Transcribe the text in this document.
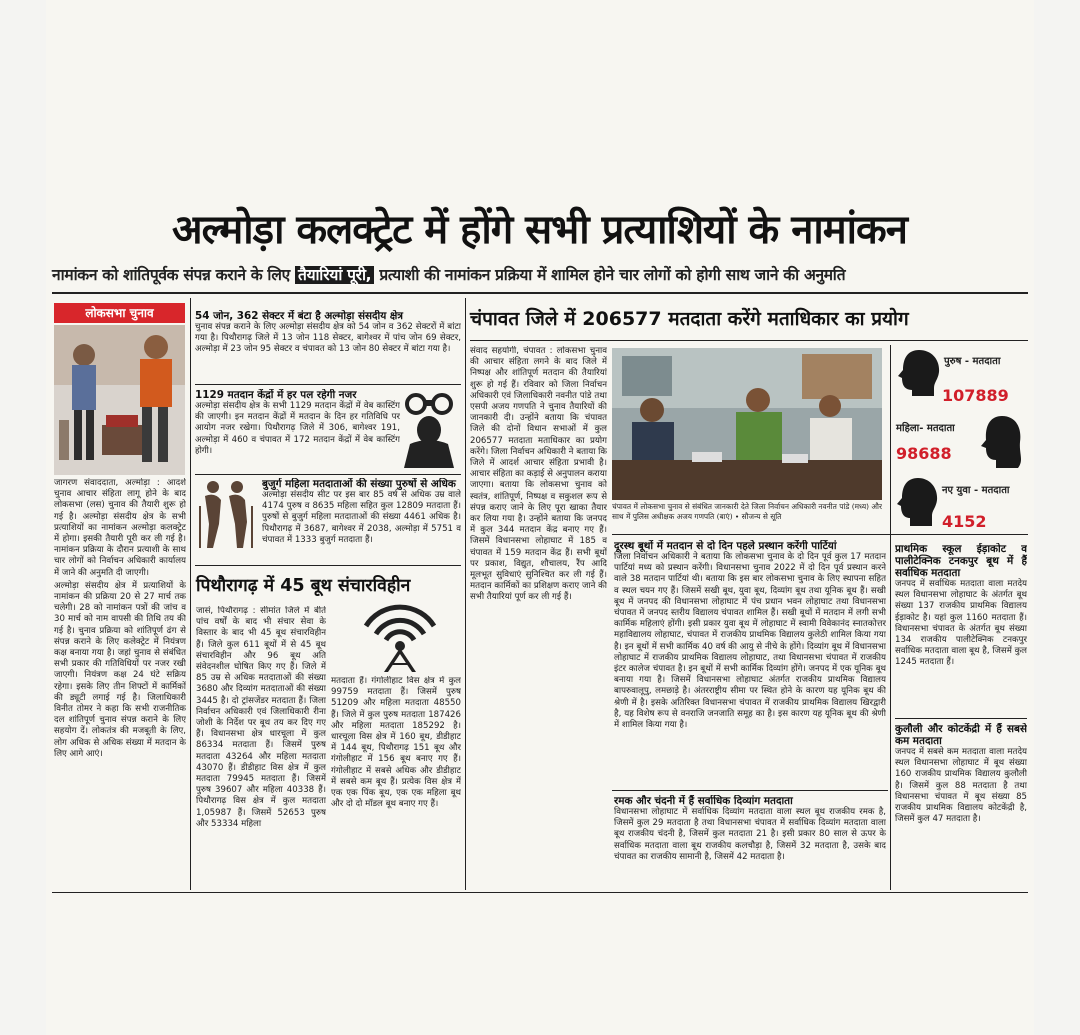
अल्मोड़ा कलक्ट्रेट में होंगे सभी प्रत्याशियों के नामांकन
नामांकन को शांतिपूर्वक संपन्न कराने के लिए तैयारियां पूरी, प्रत्याशी की नामांकन प्रक्रिया में शामिल होने चार लोगों को होगी साथ जाने की अनुमति
लोकसभा चुनाव

जागरण संवाददाता, अल्मोड़ा : आदर्श चुनाव आचार संहिता लागू होने के बाद लोकसभा (लस) चुनाव की तैयारी शुरू हो गई है। अल्मोड़ा संसदीय क्षेत्र के सभी प्रत्याशियों का नामांकन अल्मोड़ा कलक्ट्रेट में होगा। इसकी तैयारी पूरी कर ली गई है। नामांकन प्रक्रिया के दौरान प्रत्याशी के साथ चार लोगों को निर्वाचन अधिकारी कार्यालय में जाने की अनुमति दी जाएगी।

अल्मोड़ा संसदीय क्षेत्र में प्रत्याशियों के नामांकन की प्रक्रिया 20 से 27 मार्च तक चलेगी। 28 को नामांकन पत्रों की जांच व 30 मार्च को नाम वापसी की तिथि तय की गई है। चुनाव प्रक्रिया को शांतिपूर्ण ढंग से संपन्न कराने के लिए कलेक्ट्रेट में नियंत्रण कक्ष बनाया गया है। जहां चुनाव से संबंधित सभी प्रकार की गतिविधियों पर नजर रखी जाएगी। नियंत्रण कक्ष 24 घंटे सक्रिय रहेगा। इसके लिए तीन शिफ्टों में कार्मिकों की ड्यूटी लगाई गई है। जिलाधिकारी विनीत तोमर ने कहा कि सभी राजनीतिक दल शांतिपूर्ण चुनाव संपन्न कराने के लिए सहयोग दें। लोकतंत्र की मजबूती के लिए, लोग अधिक से अधिक संख्या में मतदान के लिए आगे आएं।

54 जोन, 362 सेक्टर में बंटा है अल्मोड़ा संसदीय क्षेत्र
चुनाव संपन्न कराने के लिए अल्मोड़ा संसदीय क्षेत्र को 54 जोन व 362 सेक्टरों में बांटा गया है। पिथौरागढ़ जिले में 13 जोन 118 सेक्टर, बागेश्वर में पांच जोन 69 सेक्टर, अल्मोड़ा में 23 जोन 95 सेक्टर व चंपावत को 13 जोन 80 सेक्टर में बांटा गया है।
1129 मतदान केंद्रों में हर पल रहेगी नजर
अल्मोड़ा संसदीय क्षेत्र के सभी 1129 मतदान केंद्रों में वेब कास्टिंग की जाएगी। इन मतदान केंद्रों में मतदान के दिन हर गतिविधि पर आयोग नजर रखेगा। पिथौरागढ़ जिले में 306, बागेश्वर 191, अल्मोड़ा में 460 व चंपावत में 172 मतदान केंद्रों में वेब कास्टिंग होगी।
बुजुर्ग महिला मतदाताओं की संख्या पुरुषों से अधिक
अल्मोड़ा संसदीय सीट पर इस बार 85 वर्ष से अधिक उम्र वाले 4174 पुरुष व 8635 महिला सहित कुल 12809 मतदाता हैं। पुरुषों से बुजुर्ग महिला मतदाताओं की संख्या 4461 अधिक है। पिथौरागढ़ में 3687, बागेश्वर में 2038, अल्मोड़ा में 5751 व चंपावत में 1333 बुजुर्ग मतदाता हैं।
पिथौरागढ़ में 45 बूथ संचारविहीन
जासं, पिथौरागढ़ : सीमांत जिले में बीते पांच वर्षों के बाद भी संचार सेवा के विस्तार के बाद भी 45 बूथ संचारविहीन हैं। जिले कुल 611 बूथों में से 45 बूथ संचारविहीन और 96 बूथ अति संवेदनशील घोषित किए गए हैं। जिले में 85 उम्र से अधिक मतदाताओं की संख्या 3680 और दिव्यांग मतदाताओं की संख्या 3445 है। दो ट्रांसजेंडर मतदाता हैं। जिला निर्वाचन अधिकारी एवं जिलाधिकारी रीना जोशी के निर्देश पर बूथ तय कर दिए गए हैं। विधानसभा क्षेत्र धारचूला में कुल 86334 मतदाता हैं। जिसमें पुरुष मतदाता 43264 और महिला मतदाता 43070 हैं। डीडीहाट विस क्षेत्र में कुल मतदाता 79945 मतदाता हैं। जिसमें पुरुष 39607 और महिला 40338 हैं। पिथौरागढ़ विस क्षेत्र में कुल मतदाता 1,05987 हैं। जिसमें 52653 पुरुष और 53334 महिला
मतदाता हैं। गंगोलीहाट विस क्षेत्र में कुल 99759 मतदाता हैं। जिसमें पुरुष 51209 और महिला मतदाता 48550 हैं। जिले में कुल पुरुष मतदाता 187426 और महिला मतदाता 185292 है। धारचूला विस क्षेत्र में 160 बूथ, डीडीहाट में 144 बूथ, पिथौरागढ़ 151 बूथ और गंगोलीहाट में 156 बूथ बनाए गए हैं। गंगोलीहाट में सबसे अधिक और डीडीहाट में सबसे कम बूथ हैं। प्रत्येक विस क्षेत्र में एक एक पिंक बूथ, एक एक महिला बूथ और दो दो मॉडल बूथ बनाए गए हैं।
चंपावत जिले में 206577 मतदाता करेंगे मताधिकार का प्रयोग
संवाद सहयोगी, चंपावत : लोकसभा चुनाव की आचार संहिता लगने के बाद जिले में निष्पक्ष और शांतिपूर्ण मतदान की तैयारियां शुरू हो गई हैं। रविवार को जिला निर्वाचन अधिकारी एवं जिलाधिकारी नवनीत पांडे तथा एसपी अजय गणपति ने चुनाव तैयारियों की जानकारी दी। उन्होंने बताया कि चंपावत जिले की दोनों विधान सभाओं में कुल 206577 मतदाता मताधिकार का प्रयोग करेंगे। जिला निर्वाचन अधिकारी ने बताया कि जिले में आदर्श आचार संहिता प्रभावी है। आचार संहिता का कड़ाई से अनुपालन कराया जाएगा। बताया कि लोकसभा चुनाव को स्वतंत्र, शांतिपूर्ण, निष्पक्ष व सकुशल रूप से संपन्न कराए जाने के लिए पूरा खाका तैयार कर लिया गया है। उन्होंने बताया कि जनपद में कुल 344 मतदान केंद्र बनाए गए हैं। जिसमें विधानसभा लोहाघाट में 185 व चंपावत में 159 मतदान केंद्र हैं। सभी बूथों पर प्रकाश, विद्युत, शौचालय, रैंप आदि मूलभूत सुविधाएं सुनिश्चित कर ली गई हैं। मतदान कार्मिकों का प्रशिक्षण कराए जाने की सभी तैयारियां पूर्ण कर ली गई हैं।
चंपावत में लोकसभा चुनाव से संबंधित जानकारी देते जिला निर्वाचन अधिकारी नवनीत पांडे (मध्य) और साथ में पुलिस अधीक्षक अजय गणपति (बाएं) • सौजन्य से सूति
पुरुष - मतदाता
107889
महिला- मतदाता
98688
नए युवा - मतदाता
4152
दूरस्थ बूथों में मतदान से दो दिन पहले प्रस्थान करेंगी पार्टियां
जिला निर्वाचन अधिकारी ने बताया कि लोकसभा चुनाव के दो दिन पूर्व कुल 17 मतदान पार्टियां मध्य को प्रस्थान करेंगी। विधानसभा चुनाव 2022 में दो दिन पूर्व प्रस्थान करने वाले 38 मतदान पार्टियां थी। बताया कि इस बार लोकसभा चुनाव के लिए स्थापना सहित व स्थल चयन गए हैं। जिसमें सखी बूथ, युवा बूथ, दिव्यांग बूथ तथा यूनिक बूथ हैं। सखी बूथ में जनपद की विधानसभा लोहाघाट में पंच प्रधान भवन लोहाघाट तथा विधानसभा चंपावत में जनपद स्तरीय विद्यालय चंपावत शामिल हैं। सखी बूथों में मतदान में लगी सभी कार्मिक महिलाएं होंगी। इसी प्रकार युवा बूथ में लोहाघाट में स्वामी विवेकानंद स्नातकोत्तर महाविद्यालय लोहाघाट, चंपावत में राजकीय प्राथमिक विद्यालय कुलेठी शामिल किया गया है। इन बूथों में सभी कार्मिक 40 वर्ष की आयु से नीचे के होंगे। दिव्यांग बूथ में विधानसभा लोहाघाट में राजकीय प्राथमिक विद्यालय लोहाघाट, तथा विधानसभा चंपावत में राजकीय इंटर कालेज चंपावत है। इन बूथों में सभी कार्मिक दिव्यांग होंगे। जनपद में एक यूनिक बूथ बनाया गया है। जिसमें विधानसभा लोहाघाट अंतर्गत राजकीय प्राथमिक विद्यालय बापरुवालूपु, लमछाड़े है। अंतरराष्ट्रीय सीमा पर स्थित होने के कारण यह यूनिक बूथ की श्रेणी में है। इसके अतिरिक्त विधानसभा चंपावत में राजकीय प्राथमिक विद्यालय खिरद्वारी है, यह विशेष रूप से वनराजि जनजाति समूह का है। इस कारण यह यूनिक बूथ की श्रेणी में शामिल किया गया है।
रमक और चंदनी में हैं सर्वाधिक दिव्यांग मतदाता
विधानसभा लोहाघाट में सर्वाधिक दिव्यांग मतदाता वाला स्थल बूथ राजकीय रमक है, जिसमें कुल 29 मतदाता है तथा विधानसभा चंपावत में सर्वाधिक दिव्यांग मतदाता वाला बूथ राजकीय चंदनी है, जिसमें कुल मतदाता 21 है। इसी प्रकार 80 साल से ऊपर के सर्वाधिक मतदाता वाला बूथ राजकीय कलचौड़ा है, जिसमें 32 मतदाता है, उसके बाद चंपावत का राजकीय सामानी है, जिसमें 42 मतदाता है।
प्राथमिक स्कूल ईड़ाकोट व पालीटेक्निक टनकपुर बूथ में हैं सर्वाधिक मतदाता
जनपद में सर्वाधिक मतदाता वाला मतदेय स्थल विधानसभा लोहाघाट के अंतर्गत बूथ संख्या 137 राजकीय प्राथमिक विद्यालय ईड़ाकोट है। यहां कुल 1160 मतदाता हैं। विधानसभा चंपावत के अंतर्गत बूथ संख्या 134 राजकीय पालीटेक्निक टनकपुर सर्वाधिक मतदाता वाला बूथ है, जिसमें कुल 1245 मतदाता हैं।
कुलौली और कोटकेंद्री में हैं सबसे कम मतदाता
जनपद में सबसे कम मतदाता वाला मतदेय स्थल विधानसभा लोहाघाट में बूथ संख्या 160 राजकीय प्राथमिक विद्यालय कुलौली है। जिसमें कुल 88 मतदाता है तथा विधानसभा चंपावत में बूथ संख्या 85 राजकीय प्राथमिक विद्यालय कोटकेंद्री है, जिसमें कुल 47 मतदाता है।
